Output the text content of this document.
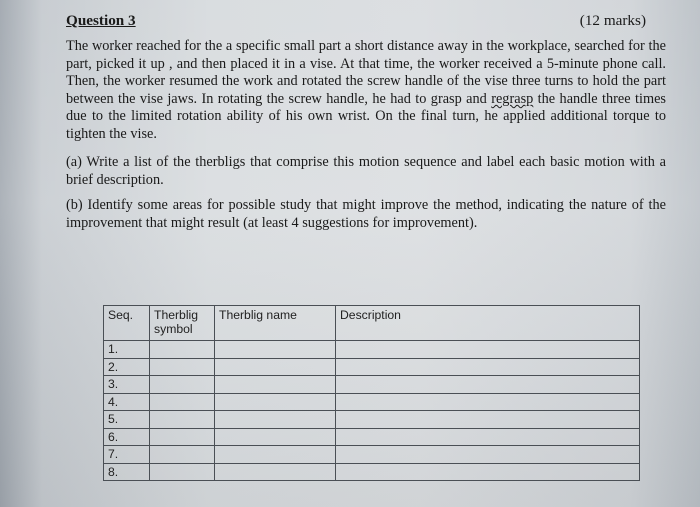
Question 3	(12 marks)

The worker reached for the a specific small part a short distance away in the workplace, searched for the part, picked it up , and then placed it in a vise. At that time, the worker received a 5-minute phone call. Then, the worker resumed the work and rotated the screw handle of the vise three turns to hold the part between the vise jaws. In rotating the screw handle, he had to grasp and regrasp the handle three times due to the limited rotation ability of his own wrist. On the final turn, he applied additional torque to tighten the vise.

(a) Write a list of the therbligs that comprise this motion sequence and label each basic motion with a brief description.

(b) Identify some areas for possible study that might improve the method, indicating the nature of the improvement that might result (at least 4 suggestions for improvement).

Seq.	Therblig symbol	Therblig name	Description
1.			
2.			
3.			
4.			
5.			
6.			
7.			
8.			
